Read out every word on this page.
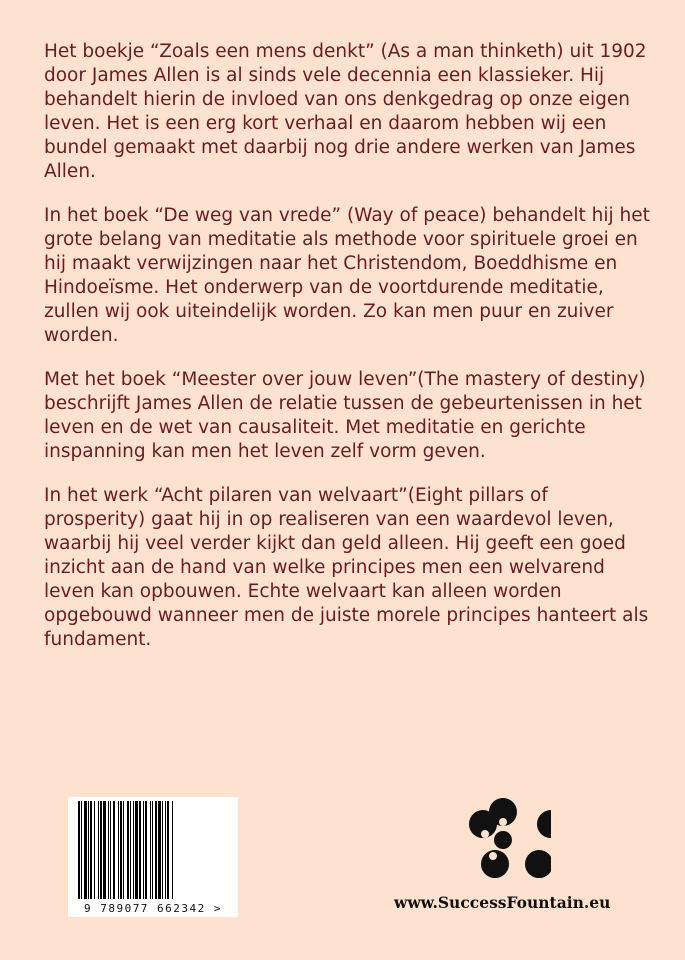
Het boekje “Zoals een mens denkt” (As a man thinketh) uit 1902 door James Allen is al sinds vele decennia een klassieker. Hij behandelt hierin de invloed van ons denkgedrag op onze eigen leven. Het is een erg kort verhaal en daarom hebben wij een bundel gemaakt met daarbij nog drie andere werken van James Allen.

In het boek “De weg van vrede” (Way of peace) behandelt hij het grote belang van meditatie als methode voor spirituele groei en hij maakt verwijzingen naar het Christendom, Boeddhisme en Hindoeïsme. Het onderwerp van de voortdurende meditatie, zullen wij ook uiteindelijk worden. Zo kan men puur en zuiver worden.

Met het boek “Meester over jouw leven”(The mastery of destiny) beschrijft James Allen de relatie tussen de gebeurtenissen in het leven en de wet van causaliteit. Met meditatie en gerichte inspanning kan men het leven zelf vorm geven.

In het werk “Acht pilaren van welvaart”(Eight pillars of prosperity) gaat hij in op realiseren van een waardevol leven, waarbij hij veel verder kijkt dan geld alleen. Hij geeft een goed inzicht aan de hand van welke principes men een welvarend leven kan opbouwen. Echte welvaart kan alleen worden opgebouwd wanneer men de juiste morele principes hanteert als fundament.

9 789077 662342 >	www.SuccessFountain.eu
